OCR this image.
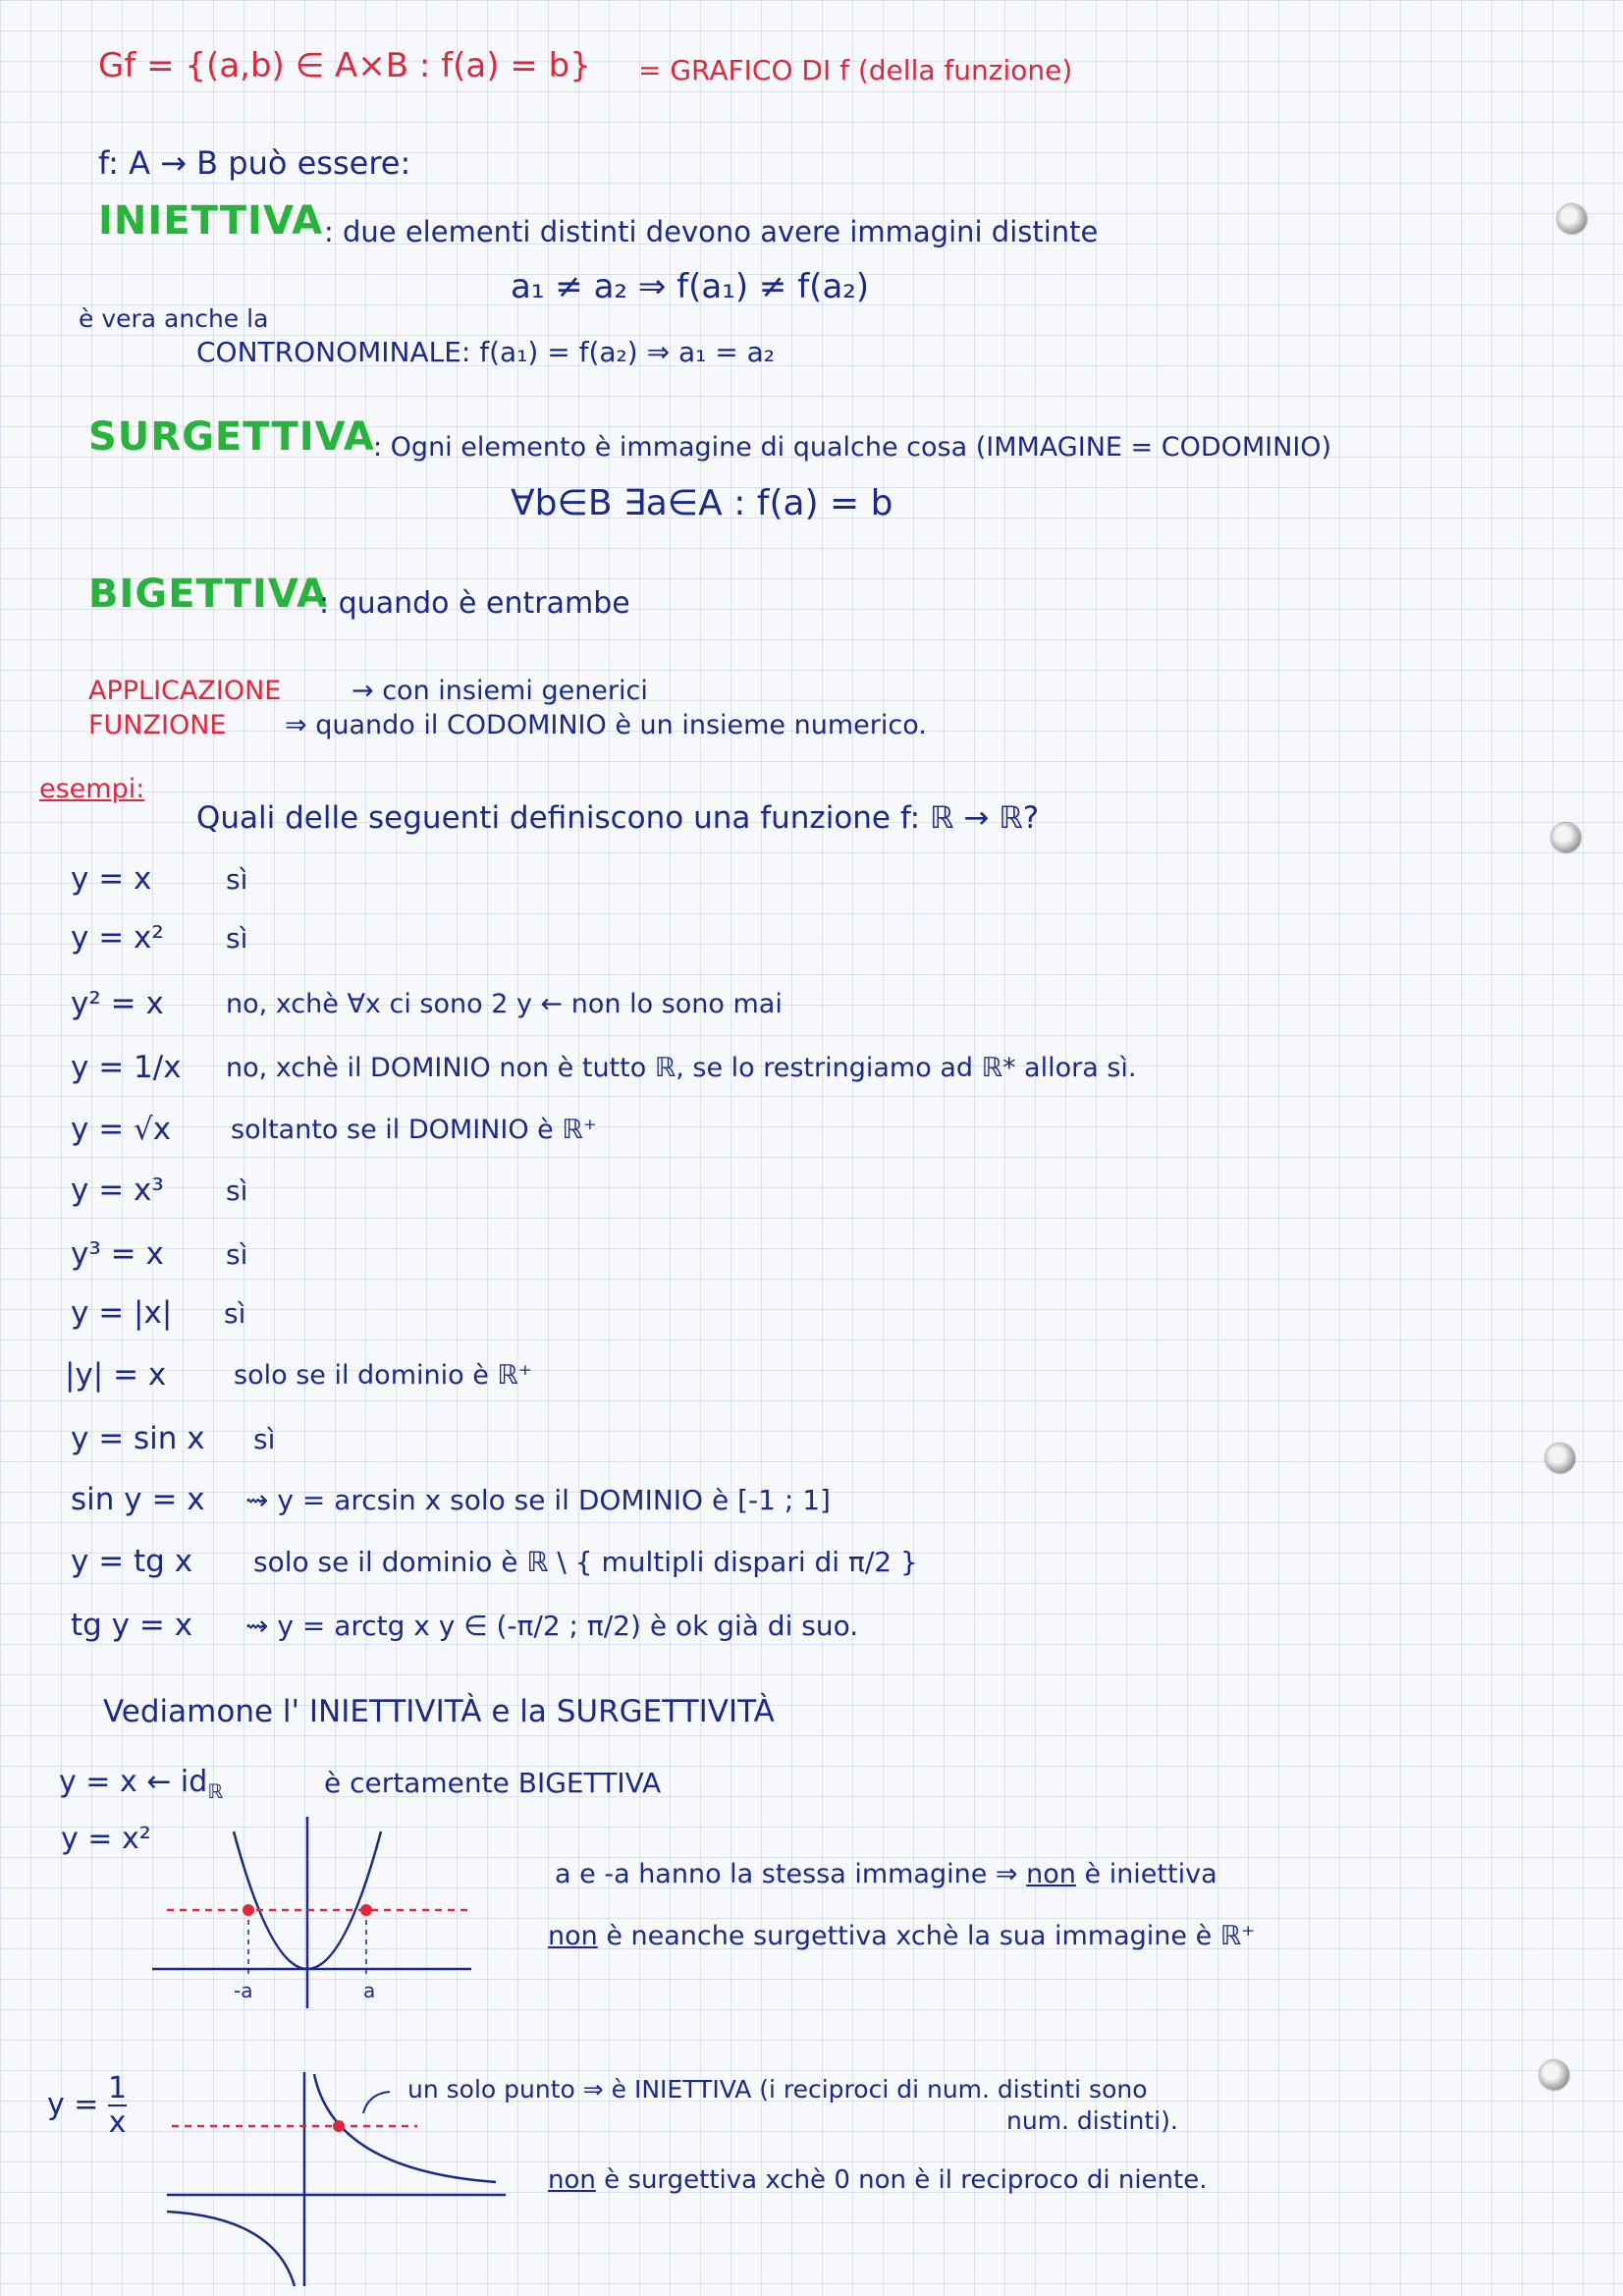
Gf = {(a,b) ∈ A×B : f(a) = b} = GRAFICO DI f (della funzione)
f: A → B può essere:
INIETTIVA : due elementi distinti devono avere immagini distinte
a₁ ≠ a₂ ⇒ f(a₁) ≠ f(a₂)
è vera anche la
CONTRONOMINALE: f(a₁) = f(a₂) ⇒ a₁ = a₂
SURGETTIVA
: Ogni elemento è immagine di qualche cosa (IMMAGINE = CODOMINIO)
∀b∈B ∃a∈A : f(a) = b
BIGETTIVA
: quando è entrambe
APPLICAZIONE	→ con insiemi generici
FUNZIONE ⇒ quando il CODOMINIO è un insieme numerico.
esempi:
Quali delle seguenti definiscono una funzione f: ℝ → ℝ?
y = x	sì
y = x² sì
y² = x no, xchè ∀x ci sono 2 y ← non lo sono mai
y = 1/x no, xchè il DOMINIO non è tutto ℝ, se lo restringiamo ad ℝ* allora sì.
y = √x soltanto se il DOMINIO è ℝ⁺
y = x³ sì
y³ = x sì
y = |x| sì
|y| = x	solo se il dominio è ℝ⁺
y = sin x sì
sin y = x ⇝ y = arcsin x solo se il DOMINIO è [-1 ; 1]
y = tg x solo se il dominio è ℝ \ { multipli dispari di π/2 }
tg y = x ⇝ y = arctg x y ∈ (-π/2 ; π/2) è ok già di suo.
Vediamone l' INIETTIVITÀ e la SURGETTIVITÀ
y = x ← $id_ℝ$	è certamente BIGETTIVA
y = x²
-a	a
a e -a hanno la stessa immagine ⇒ non è iniettiva
non è neanche surgettiva xchè la sua immagine è ℝ⁺
$y = \frac{1}{x}$	un solo punto ⇒ è INIETTIVA (i reciproci di num. distinti sono
num. distinti).
non è surgettiva xchè 0 non è il reciproco di niente.
